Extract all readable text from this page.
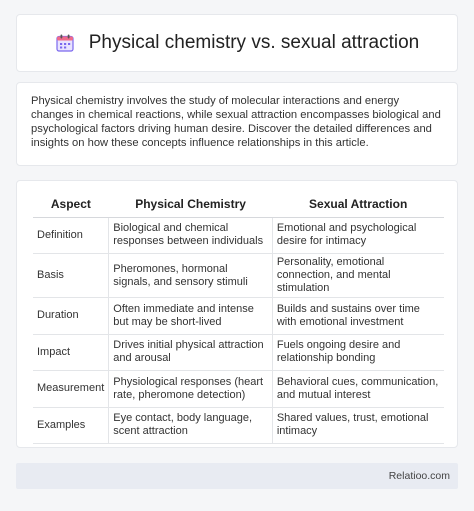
Physical chemistry vs. sexual attraction
Physical chemistry involves the study of molecular interactions and energy changes in chemical reactions, while sexual attraction encompasses biological and psychological factors driving human desire. Discover the detailed differences and insights on how these concepts influence relationships in this article.
Aspect	Physical Chemistry	Sexual Attraction
Definition	Biological and chemical responses between individuals	Emotional and psychological desire for intimacy
Basis	Pheromones, hormonal signals, and sensory stimuli	Personality, emotional connection, and mental stimulation
Duration	Often immediate and intense but may be short-lived	Builds and sustains over time with emotional investment
Impact	Drives initial physical attraction and arousal	Fuels ongoing desire and relationship bonding
Measurement	Physiological responses (heart rate, pheromone detection)	Behavioral cues, communication, and mutual interest
Examples	Eye contact, body language, scent attraction	Shared values, trust, emotional intimacy
Relatioo.com
